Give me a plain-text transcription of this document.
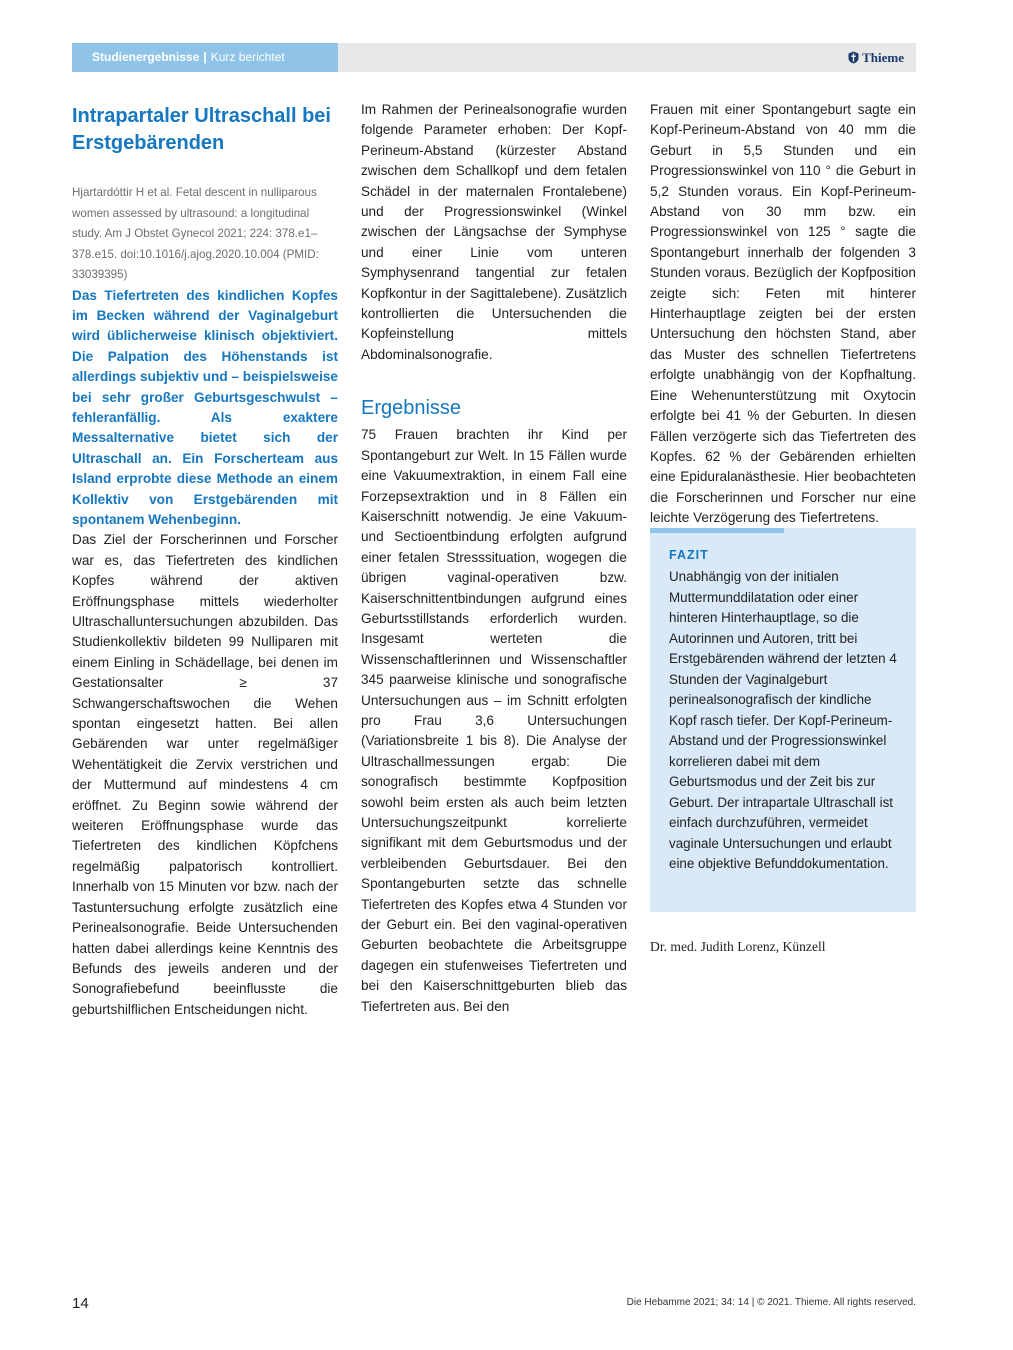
Studienergebnisse | Kurz berichtet	Thieme
Intrapartaler Ultraschall bei Erstgebärenden

Hjartardóttir H et al. Fetal descent in nulliparous women assessed by ultrasound: a longitudinal study. Am J Obstet Gynecol 2021; 224: 378.e1–378.e15. doi:10.1016/j.ajog.2020.10.004 (PMID: 33039395)

Das Tiefertreten des kindlichen Kopfes im Becken während der Vaginalgeburt wird üblicherweise klinisch objektiviert. Die Palpation des Höhenstands ist allerdings subjektiv und – beispielsweise bei sehr großer Geburtsgeschwulst – fehleranfällig. Als exaktere Messalternative bietet sich der Ultraschall an. Ein Forscherteam aus Island erprobte diese Methode an einem Kollektiv von Erstgebärenden mit spontanem Wehenbeginn.

Das Ziel der Forscherinnen und Forscher war es, das Tiefertreten des kindlichen Kopfes während der aktiven Eröffnungsphase mittels wiederholter Ultraschalluntersuchungen abzubilden. Das Studienkollektiv bildeten 99 Nulliparen mit einem Einling in Schädellage, bei denen im Gestationsalter ≥ 37 Schwangerschaftswochen die Wehen spontan eingesetzt hatten. Bei allen Gebärenden war unter regelmäßiger Wehentätigkeit die Zervix verstrichen und der Muttermund auf mindestens 4 cm eröffnet. Zu Beginn sowie während der weiteren Eröffnungsphase wurde das Tiefertreten des kindlichen Köpfchens regelmäßig palpatorisch kontrolliert. Innerhalb von 15 Minuten vor bzw. nach der Tastuntersuchung erfolgte zusätzlich eine Perinealsonografie. Beide Untersuchenden hatten dabei allerdings keine Kenntnis des Befunds des jeweils anderen und der Sonografiebefund beeinflusste die geburtshilflichen Entscheidungen nicht.

Im Rahmen der Perinealsonografie wurden folgende Parameter erhoben: Der Kopf-Perineum-Abstand (kürzester Abstand zwischen dem Schallkopf und dem fetalen Schädel in der maternalen Frontalebene) und der Progressionswinkel (Winkel zwischen der Längsachse der Symphyse und einer Linie vom unteren Symphysenrand tangential zur fetalen Kopfkontur in der Sagittalebene). Zusätzlich kontrollierten die Untersuchenden die Kopfeinstellung mittels Abdominalsonografie.

Ergebnisse

75 Frauen brachten ihr Kind per Spontangeburt zur Welt. In 15 Fällen wurde eine Vakuumextraktion, in einem Fall eine Forzepsextraktion und in 8 Fällen ein Kaiserschnitt notwendig. Je eine Vakuum- und Sectioentbindung erfolgten aufgrund einer fetalen Stresssituation, wogegen die übrigen vaginal-operativen bzw. Kaiserschnittentbindungen aufgrund eines Geburtsstillstands erforderlich wurden. Insgesamt werteten die Wissenschaftlerinnen und Wissenschaftler 345 paarweise klinische und sonografische Untersuchungen aus – im Schnitt erfolgten pro Frau 3,6 Untersuchungen (Variationsbreite 1 bis 8). Die Analyse der Ultraschallmessungen ergab: Die sonografisch bestimmte Kopfposition sowohl beim ersten als auch beim letzten Untersuchungszeitpunkt korrelierte signifikant mit dem Geburtsmodus und der verbleibenden Geburtsdauer. Bei den Spontangeburten setzte das schnelle Tiefertreten des Kopfes etwa 4 Stunden vor der Geburt ein. Bei den vaginal-operativen Geburten beobachtete die Arbeitsgruppe dagegen ein stufenweises Tiefertreten und bei den Kaiserschnittgeburten blieb das Tiefertreten aus. Bei den

Frauen mit einer Spontangeburt sagte ein Kopf-Perineum-Abstand von 40 mm die Geburt in 5,5 Stunden und ein Progressionswinkel von 110 ° die Geburt in 5,2 Stunden voraus. Ein Kopf-Perineum-Abstand von 30 mm bzw. ein Progressionswinkel von 125 ° sagte die Spontangeburt innerhalb der folgenden 3 Stunden voraus. Bezüglich der Kopfposition zeigte sich: Feten mit hinterer Hinterhauptlage zeigten bei der ersten Untersuchung den höchsten Stand, aber das Muster des schnellen Tiefertretens erfolgte unabhängig von der Kopfhaltung. Eine Wehenunterstützung mit Oxytocin erfolgte bei 41 % der Geburten. In diesen Fällen verzögerte sich das Tiefertreten des Kopfes. 62 % der Gebärenden erhielten eine Epiduralanästhesie. Hier beobachteten die Forscherinnen und Forscher nur eine leichte Verzögerung des Tiefertretens.

FAZIT
Unabhängig von der initialen Muttermunddilatation oder einer hinteren Hinterhauptlage, so die Autorinnen und Autoren, tritt bei Erstgebärenden während der letzten 4 Stunden der Vaginalgeburt perinealsonografisch der kindliche Kopf rasch tiefer. Der Kopf-Perineum-Abstand und der Progressionswinkel korrelieren dabei mit dem Geburtsmodus und der Zeit bis zur Geburt. Der intrapartale Ultraschall ist einfach durchzuführen, vermeidet vaginale Untersuchungen und erlaubt eine objektive Befunddokumentation.
Dr. med. Judith Lorenz, Künzell
14	Die Hebamme 2021; 34: 14 | © 2021. Thieme. All rights reserved.
